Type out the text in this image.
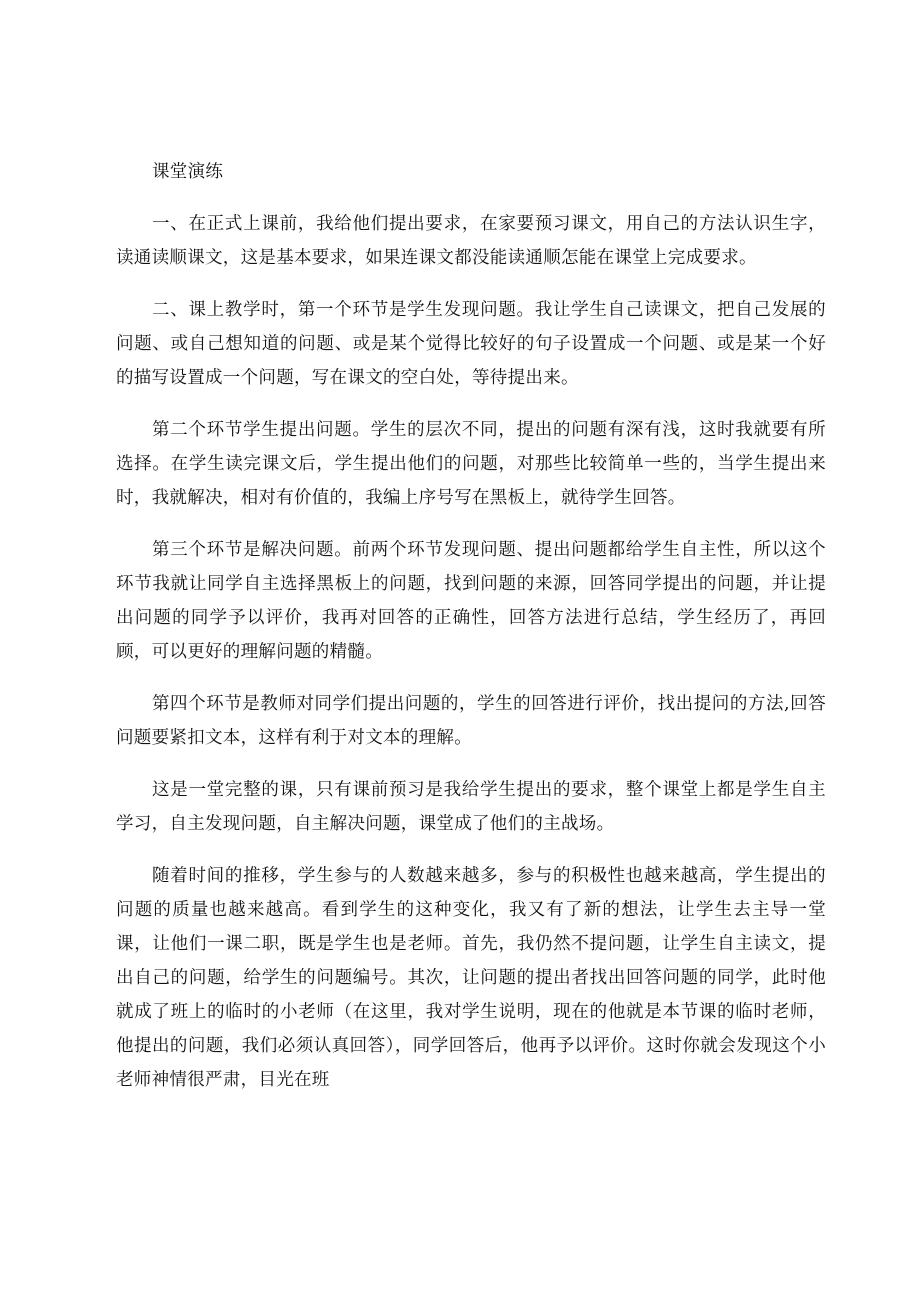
课堂演练

一、在正式上课前，我给他们提出要求，在家要预习课文，用自己的方法认识生字，读通读顺课文，这是基本要求，如果连课文都没能读通顺怎能在课堂上完成要求。

二、课上教学时，第一个环节是学生发现问题。我让学生自己读课文，把自己发展的问题、或自己想知道的问题、或是某个觉得比较好的句子设置成一个问题、或是某一个好的描写设置成一个问题，写在课文的空白处，等待提出来。

第二个环节学生提出问题。学生的层次不同，提出的问题有深有浅，这时我就要有所选择。在学生读完课文后，学生提出他们的问题，对那些比较简单一些的，当学生提出来时，我就解决，相对有价值的，我编上序号写在黑板上，就待学生回答。

第三个环节是解决问题。前两个环节发现问题、提出问题都给学生自主性，所以这个环节我就让同学自主选择黑板上的问题，找到问题的来源，回答同学提出的问题，并让提出问题的同学予以评价，我再对回答的正确性，回答方法进行总结，学生经历了，再回顾，可以更好的理解问题的精髓。

第四个环节是教师对同学们提出问题的，学生的回答进行评价，找出提问的方法,回答问题要紧扣文本，这样有利于对文本的理解。

这是一堂完整的课，只有课前预习是我给学生提出的要求，整个课堂上都是学生自主学习，自主发现问题，自主解决问题，课堂成了他们的主战场。

随着时间的推移，学生参与的人数越来越多，参与的积极性也越来越高，学生提出的问题的质量也越来越高。看到学生的这种变化，我又有了新的想法，让学生去主导一堂课，让他们一课二职，既是学生也是老师。首先，我仍然不提问题，让学生自主读文，提出自己的问题，给学生的问题编号。其次，让问题的提出者找出回答问题的同学，此时他就成了班上的临时的小老师（在这里，我对学生说明，现在的他就是本节课的临时老师，他提出的问题，我们必须认真回答），同学回答后，他再予以评价。这时你就会发现这个小老师神情很严肃，目光在班
